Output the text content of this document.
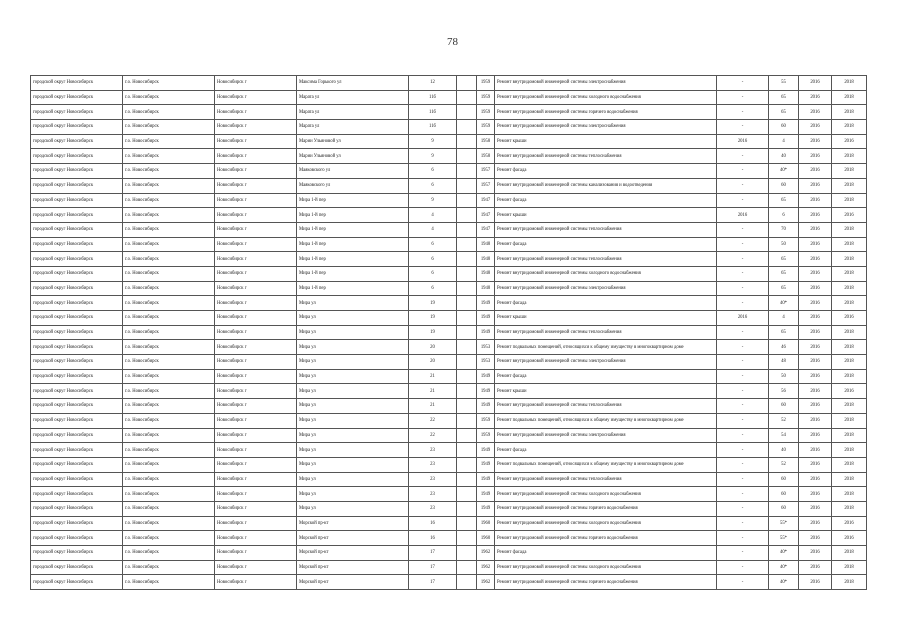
78
городской округ Новосибирск	г.о. Новосибирск	Новосибирск г	Максима Горького ул	12		1959	Ремонт внутридомовой инженерной системы электроснабжения	-	55	2016	2018
городской округ Новосибирск	г.о. Новосибирск	Новосибирск г	Марата ул	11б		1959	Ремонт внутридомовой инженерной системы холодного водоснабжения	-	65	2016	2018
городской округ Новосибирск	г.о. Новосибирск	Новосибирск г	Марата ул	11б		1959	Ремонт внутридомовой инженерной системы горячего водоснабжения	-	65	2016	2018
городской округ Новосибирск	г.о. Новосибирск	Новосибирск г	Марата ул	11б		1959	Ремонт внутридомовой инженерной системы электроснабжения	-	60	2016	2018
городской округ Новосибирск	г.о. Новосибирск	Новосибирск г	Марии Ульяновой ул	9		1958	Ремонт крыши	2016	4	2016	2016
городской округ Новосибирск	г.о. Новосибирск	Новосибирск г	Марии Ульяновой ул	9		1958	Ремонт внутридомовой инженерной системы теплоснабжения	-	40	2016	2018
городской округ Новосибирск	г.о. Новосибирск	Новосибирск г	Маяковского ул	6		1957	Ремонт фасада	-	40*	2016	2018
городской округ Новосибирск	г.о. Новосибирск	Новосибирск г	Маяковского ул	6		1957	Ремонт внутридомовой инженерной системы канализования и водоотведения	-	60	2016	2018
городской округ Новосибирск	г.о. Новосибирск	Новосибирск г	Мира 1-й пер	9		1947	Ремонт фасада	-	65	2016	2018
городской округ Новосибирск	г.о. Новосибирск	Новосибирск г	Мира 1-й пер	4		1947	Ремонт крыши	2016	6	2016	2016
городской округ Новосибирск	г.о. Новосибирск	Новосибирск г	Мира 1-й пер	4		1947	Ремонт внутридомовой инженерной системы теплоснабжения	-	70	2016	2018
городской округ Новосибирск	г.о. Новосибирск	Новосибирск г	Мира 1-й пер	6		1948	Ремонт фасада	-	50	2016	2018
городской округ Новосибирск	г.о. Новосибирск	Новосибирск г	Мира 1-й пер	6		1948	Ремонт внутридомовой инженерной системы теплоснабжения	-	65	2016	2018
городской округ Новосибирск	г.о. Новосибирск	Новосибирск г	Мира 1-й пер	6		1948	Ремонт внутридомовой инженерной системы холодного водоснабжения	-	65	2016	2018
городской округ Новосибирск	г.о. Новосибирск	Новосибирск г	Мира 1-й пер	6		1948	Ремонт внутридомовой инженерной системы электроснабжения	-	65	2016	2018
городской округ Новосибирск	г.о. Новосибирск	Новосибирск г	Мира ул	19		1949	Ремонт фасада	-	40*	2016	2018
городской округ Новосибирск	г.о. Новосибирск	Новосибирск г	Мира ул	19		1949	Ремонт крыши	2016	4	2016	2016
городской округ Новосибирск	г.о. Новосибирск	Новосибирск г	Мира ул	19		1949	Ремонт внутридомовой инженерной системы теплоснабжения	-	65	2016	2018
городской округ Новосибирск	г.о. Новосибирск	Новосибирск г	Мира ул	20		1953	Ремонт подвальных помещений, относящихся к общему имуществу в многоквартирном доме	-	46	2016	2018
городской округ Новосибирск	г.о. Новосибирск	Новосибирск г	Мира ул	20		1953	Ремонт внутридомовой инженерной системы электроснабжения	-	48	2016	2018
городской округ Новосибирск	г.о. Новосибирск	Новосибирск г	Мира ул	21		1949	Ремонт фасада	-	50	2016	2018
городской округ Новосибирск	г.о. Новосибирск	Новосибирск г	Мира ул	21		1949	Ремонт крыши	-	56	2016	2016
городской округ Новосибирск	г.о. Новосибирск	Новосибирск г	Мира ул	21		1949	Ремонт внутридомовой инженерной системы теплоснабжения	-	60	2016	2018
городской округ Новосибирск	г.о. Новосибирск	Новосибирск г	Мира ул	22		1959	Ремонт подвальных помещений, относящихся к общему имуществу в многоквартирном доме	-	52	2016	2018
городской округ Новосибирск	г.о. Новосибирск	Новосибирск г	Мира ул	22		1959	Ремонт внутридомовой инженерной системы электроснабжения	-	54	2016	2018
городской округ Новосибирск	г.о. Новосибирск	Новосибирск г	Мира ул	23		1949	Ремонт фасада	-	40	2016	2018
городской округ Новосибирск	г.о. Новосибирск	Новосибирск г	Мира ул	23		1949	Ремонт подвальных помещений, относящихся к общему имуществу в многоквартирном доме	-	52	2016	2018
городской округ Новосибирск	г.о. Новосибирск	Новосибирск г	Мира ул	23		1949	Ремонт внутридомовой инженерной системы теплоснабжения	-	60	2016	2018
городской округ Новосибирск	г.о. Новосибирск	Новосибирск г	Мира ул	23		1949	Ремонт внутридомовой инженерной системы холодного водоснабжения	-	60	2016	2018
городской округ Новосибирск	г.о. Новосибирск	Новосибирск г	Мира ул	23		1949	Ремонт внутридомовой инженерной системы горячего водоснабжения	-	60	2016	2018
городской округ Новосибирск	г.о. Новосибирск	Новосибирск г	Морской пр-кт	16		1960	Ремонт внутридомовой инженерной системы холодного водоснабжения	-	55*	2016	2016
городской округ Новосибирск	г.о. Новосибирск	Новосибирск г	Морской пр-кт	16		1960	Ремонт внутридомовой инженерной системы горячего водоснабжения	-	55*	2016	2016
городской округ Новосибирск	г.о. Новосибирск	Новосибирск г	Морской пр-кт	17		1962	Ремонт фасада	-	40*	2016	2018
городской округ Новосибирск	г.о. Новосибирск	Новосибирск г	Морской пр-кт	17		1962	Ремонт внутридомовой инженерной системы холодного водоснабжения	-	40*	2016	2018
городской округ Новосибирск	г.о. Новосибирск	Новосибирск г	Морской пр-кт	17		1962	Ремонт внутридомовой инженерной системы горячего водоснабжения	-	40*	2016	2018
